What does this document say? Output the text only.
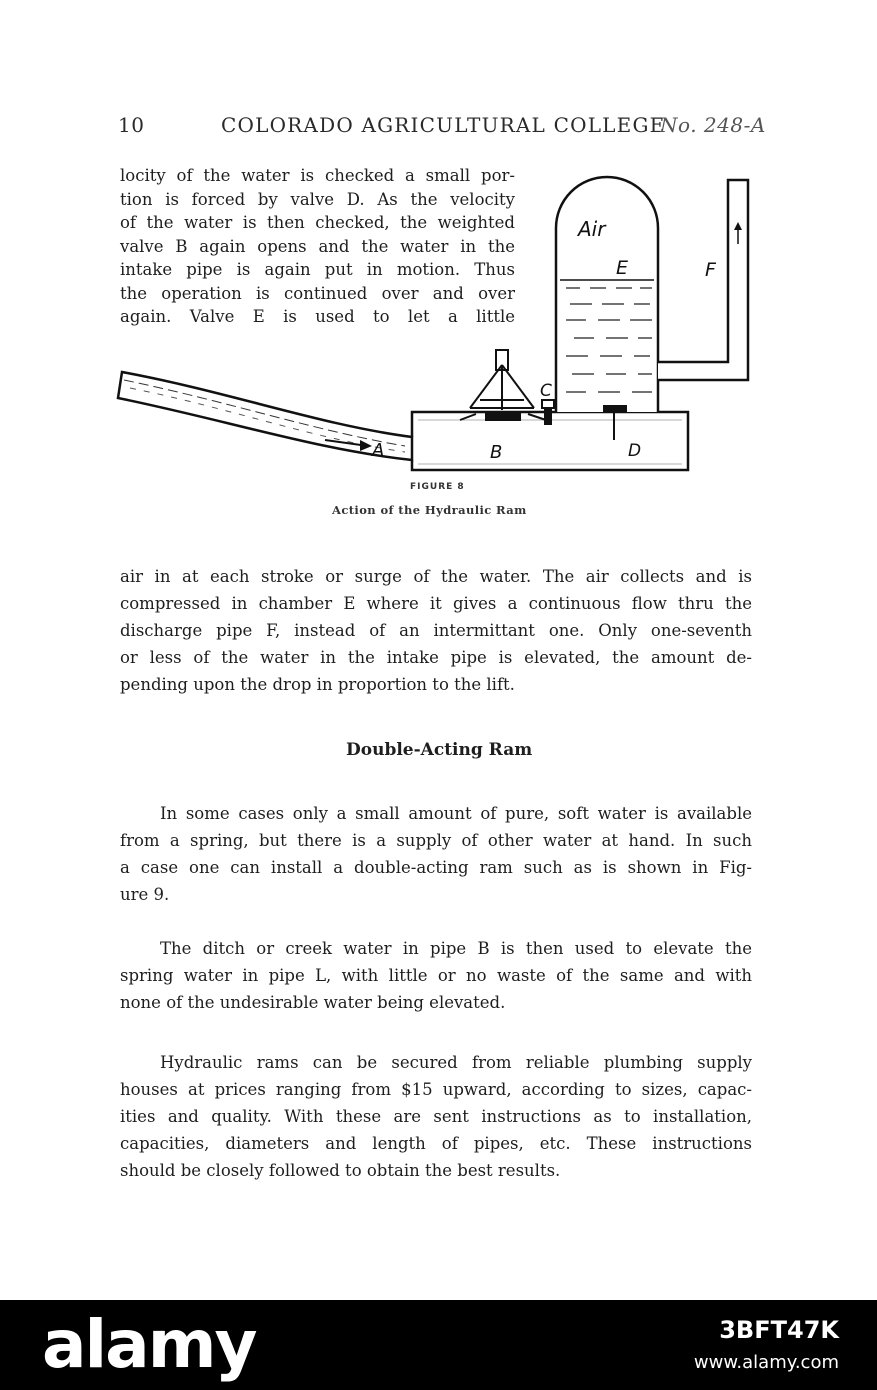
10	COLORADO AGRICULTURAL COLLEGE
No. 248-A
locity of the water is checked a small por-
tion is forced by valve D. As the velocity
of the water is then checked, the weighted
valve B again opens and the water in the
intake pipe is again put in motion. Thus
the operation is continued over and over
again. Valve E is used to let a little
Air
E	F
A	B
C
D
FIGURE 8
Action of the Hydraulic Ram
air in at each stroke or surge of the water. The air collects and is
compressed in chamber E where it gives a continuous flow thru the
discharge pipe F, instead of an intermittant one. Only one-seventh
or less of the water in the intake pipe is elevated, the amount de-
pending upon the drop in proportion to the lift.
Double-Acting Ram
In some cases only a small amount of pure, soft water is available
from a spring, but there is a supply of other water at hand. In such
a case one can install a double-acting ram such as is shown in Fig-
ure 9.
The ditch or creek water in pipe B is then used to elevate the
spring water in pipe L, with little or no waste of the same and with
none of the undesirable water being elevated.
Hydraulic rams can be secured from reliable plumbing supply
houses at prices ranging from $15 upward, according to sizes, capac-
ities and quality. With these are sent instructions as to installation,
capacities, diameters and length of pipes, etc. These instructions
should be closely followed to obtain the best results.
alamy	3BFT47K
www.alamy.com
